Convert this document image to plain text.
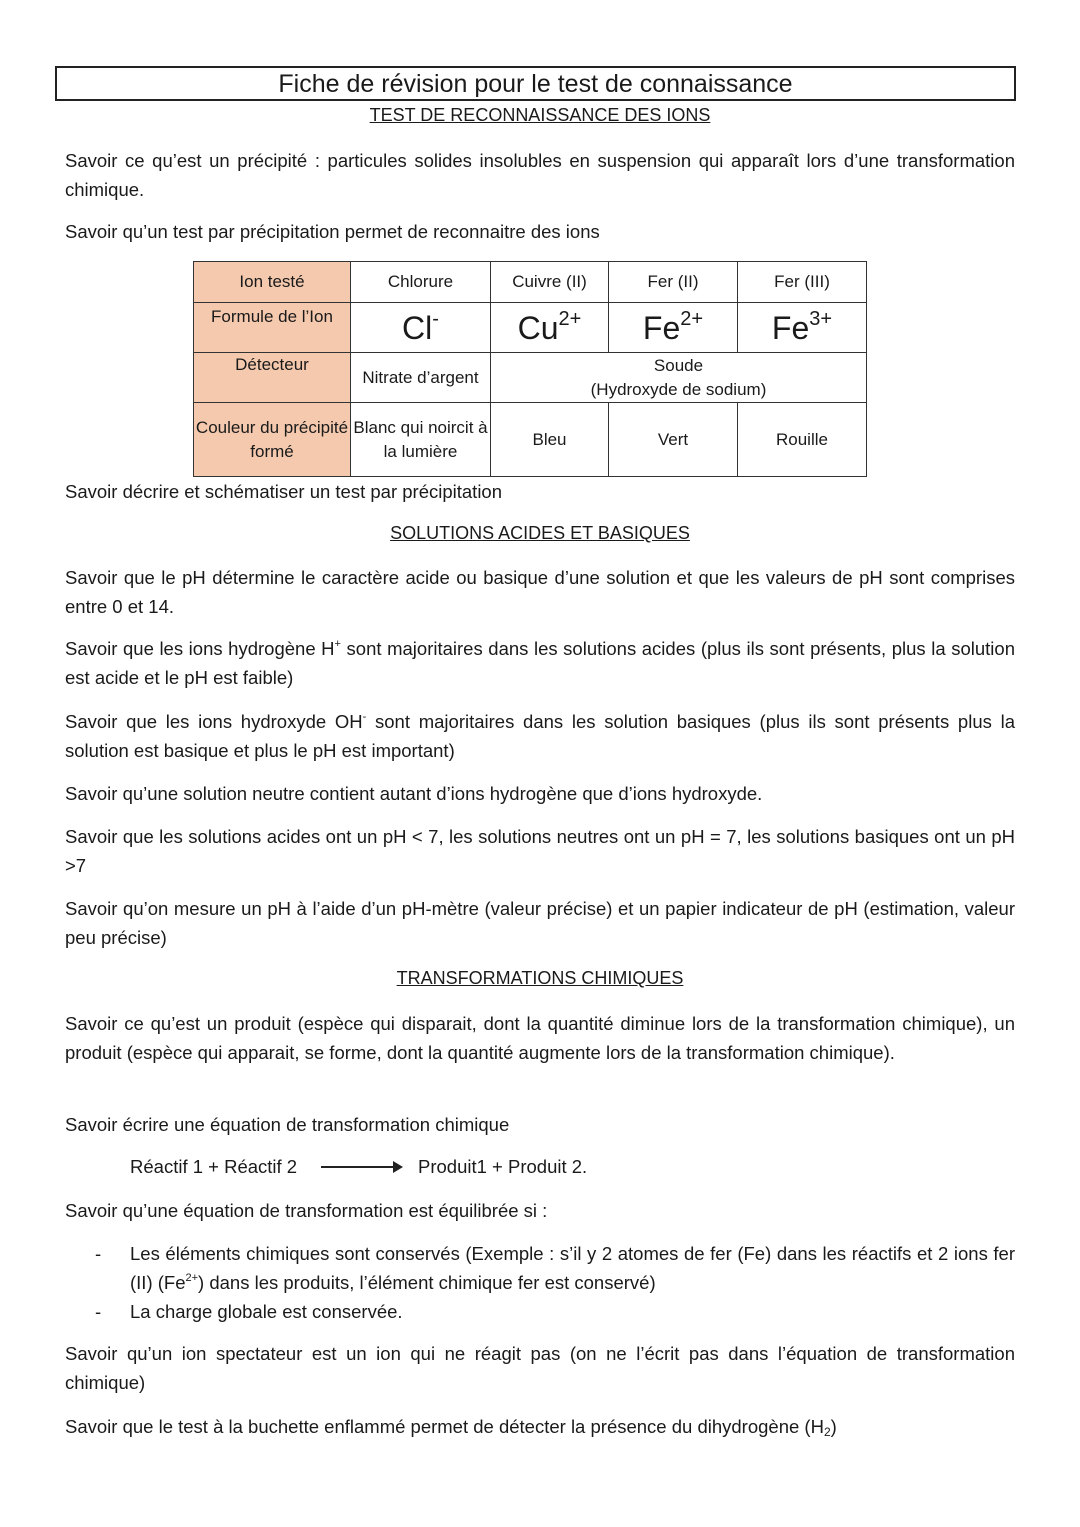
Fiche de révision pour le test de connaissance
TEST DE RECONNAISSANCE DES IONS
Savoir ce qu’est un précipité : particules solides insolubles en suspension qui apparaît lors d’une transformation chimique.
Savoir qu’un test par précipitation permet de reconnaitre des ions
Ion testé	Chlorure	Cuivre (II)	Fer (II)	Fer (III)
Formule de l’Ion	Cl-	$Cu^{2+}$	$Fe^{2+}$	$Fe^{3+}$
Détecteur	Nitrate d’argent	Soude
(Hydroxyde de sodium)		

Couleur du précipité formé	Blanc qui noircit à la lumière	Bleu	Vert	Rouille
Savoir décrire et schématiser un test par précipitation
SOLUTIONS ACIDES ET BASIQUES
Savoir que le pH détermine le caractère acide ou basique d’une solution et que les valeurs de pH sont comprises entre 0 et 14.
Savoir que les ions hydrogène H+ sont majoritaires dans les solutions acides (plus ils sont présents, plus la solution est acide et le pH est faible)
Savoir que les ions hydroxyde OH- sont majoritaires dans les solution basiques (plus ils sont présents plus la solution est basique et plus le pH est important)
Savoir qu’une solution neutre contient autant d’ions hydrogène que d’ions hydroxyde.
Savoir que les solutions acides ont un pH < 7, les solutions neutres ont un pH = 7, les solutions basiques ont un pH >7
Savoir qu’on mesure un pH à l’aide d’un pH-mètre (valeur précise) et un papier indicateur de pH (estimation, valeur peu précise)
TRANSFORMATIONS CHIMIQUES
Savoir ce qu’est un produit (espèce qui disparait, dont la quantité diminue lors de la transformation chimique), un produit (espèce qui apparait, se forme, dont la quantité augmente lors de la transformation chimique).
Savoir écrire une équation de transformation chimique
Réactif 1 + Réactif 2	Produit1 + Produit 2.
Savoir qu’une équation de transformation est équilibrée si :
- Les éléments chimiques sont conservés (Exemple : s’il y 2 atomes de fer (Fe) dans les réactifs et 2 ions fer (II) $(Fe^{2+})$ dans les produits, l’élément chimique fer est conservé)
- La charge globale est conservée.
Savoir qu’un ion spectateur est un ion qui ne réagit pas (on ne l’écrit pas dans l’équation de transformation chimique)
Savoir que le test à la buchette enflammé permet de détecter la présence du dihydrogène $(H_2)$
